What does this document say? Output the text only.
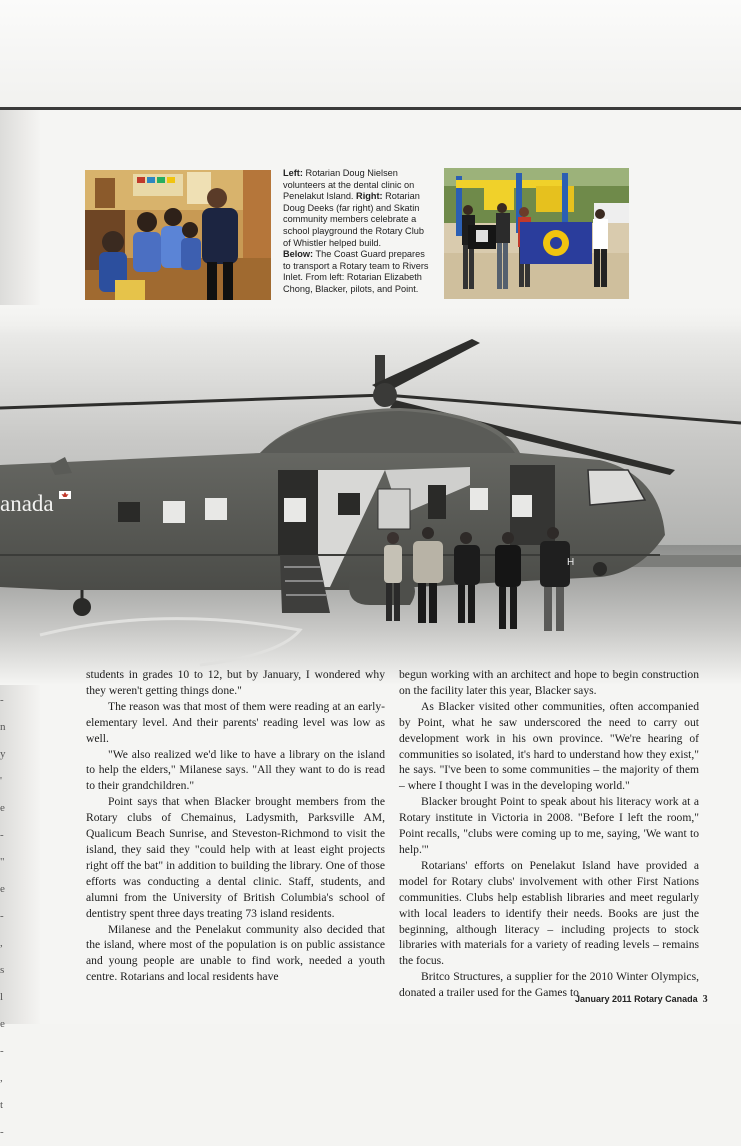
-
n
y
'
e
-
"
e
-
,
s
l
e
-
,
t
-
Left: Rotarian Doug Nielsen volunteers at the dental clinic on Penelakut Island. Right: Rotarian Doug Deeks (far right) and Skatin community members celebrate a school playground the Rotary Club of Whistler helped build.
Below: The Coast Guard prepares to transport a Rotary team to Rivers Inlet. From left: Rotarian Elizabeth Chong, Blacker, pilots, and Point.
anada
H

students in grades 10 to 12, but by January, I wondered why they weren't getting things done."

The reason was that most of them were reading at an early-elementary level. And their parents' reading level was low as well.

"We also realized we'd like to have a library on the island to help the elders," Milanese says. "All they want to do is read to their grandchildren."

Point says that when Blacker brought members from the Rotary clubs of Chemainus, Ladysmith, Parksville AM, Qualicum Beach Sunrise, and Steveston-Richmond to visit the island, they said they "could help with at least eight projects right off the bat" in addition to building the library. One of those efforts was conducting a dental clinic. Staff, students, and alumni from the University of British Columbia's school of dentistry spent three days treating 73 island residents.

Milanese and the Penelakut community also decided that the island, where most of the population is on public assistance and young people are unable to find work, needed a youth centre. Rotarians and local residents have

begun working with an architect and hope to begin construction on the facility later this year, Blacker says.

As Blacker visited other communities, often accompanied by Point, what he saw underscored the need to carry out development work in his own province. "We're hearing of communities so isolated, it's hard to understand how they exist," he says. "I've been to some communities – the majority of them – where I thought I was in the developing world."

Blacker brought Point to speak about his literacy work at a Rotary institute in Victoria in 2008. "Before I left the room," Point recalls, "clubs were coming up to me, saying, 'We want to help.'"

Rotarians' efforts on Penelakut Island have provided a model for Rotary clubs' involvement with other First Nations communities. Clubs help establish libraries and meet regularly with local leaders to identify their needs. Books are just the beginning, although literacy – including projects to stock libraries with materials for a variety of reading levels – remains the focus.

Britco Structures, a supplier for the 2010 Winter Olympics, donated a trailer used for the Games to

January 2011 Rotary Canada 3
